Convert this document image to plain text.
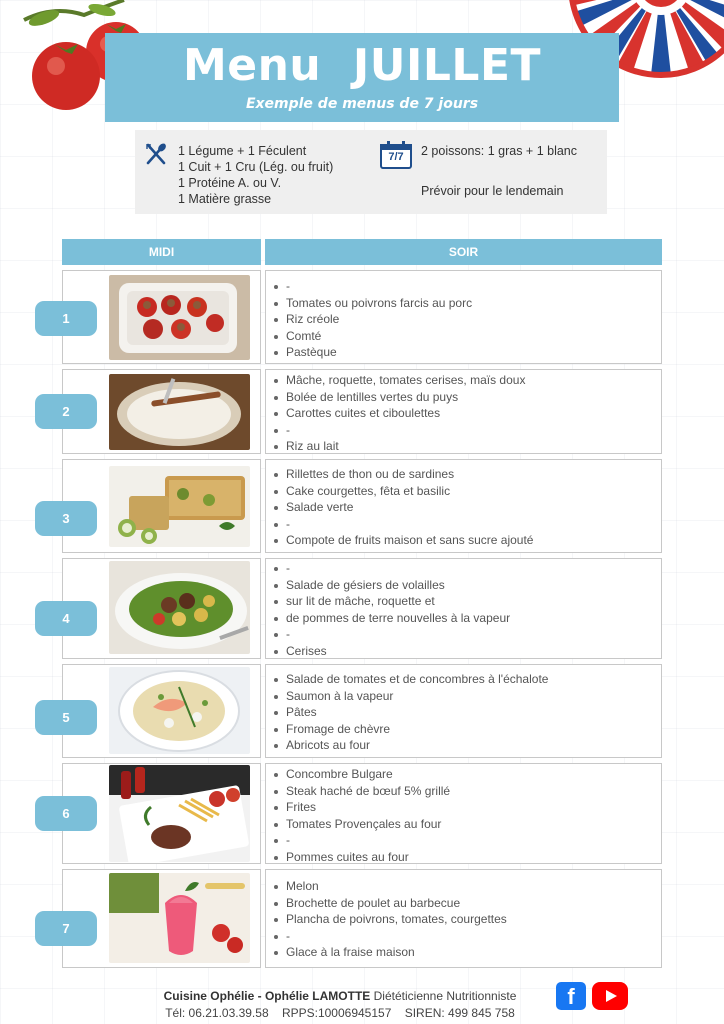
Menu  JUILLET
Exemple de menus de 7 jours
1 Légume + 1 Féculent
1 Cuit + 1 Cru (Lég. ou fruit)
1 Protéine A. ou V.
1 Matière grasse
7/7	2 poissons: 1 gras + 1 blanc
Prévoir pour le lendemain
MIDI	SOIR
1
-
Tomates ou poivrons farcis au porc
Riz créole
Comté
Pastèque
2
Mâche, roquette, tomates cerises, maïs doux
Bolée de lentilles vertes du puys
Carottes cuites et ciboulettes
-
Riz au lait
3
Rillettes de thon ou de sardines
Cake courgettes, fêta et basilic
Salade verte
-
Compote de fruits maison et sans sucre ajouté
4
-
Salade de gésiers de volailles
sur lit de mâche, roquette et
de pommes de terre nouvelles à la vapeur
-
Cerises
5
Salade de tomates et de concombres à l'échalote
Saumon à la vapeur
Pâtes
Fromage de chèvre
Abricots au four
6
Concombre Bulgare
Steak haché de bœuf 5% grillé
Frites
Tomates Provençales au four
-
Pommes cuites au four
7
Melon
Brochette de poulet au barbecue
Plancha de poivrons, tomates, courgettes
-
Glace à la fraise maison
Cuisine Ophélie - Ophélie LAMOTTE Diététicienne Nutritionniste
Tél: 06.21.03.39.58    RPPS:10006945157    SIREN: 499 845 758
f
